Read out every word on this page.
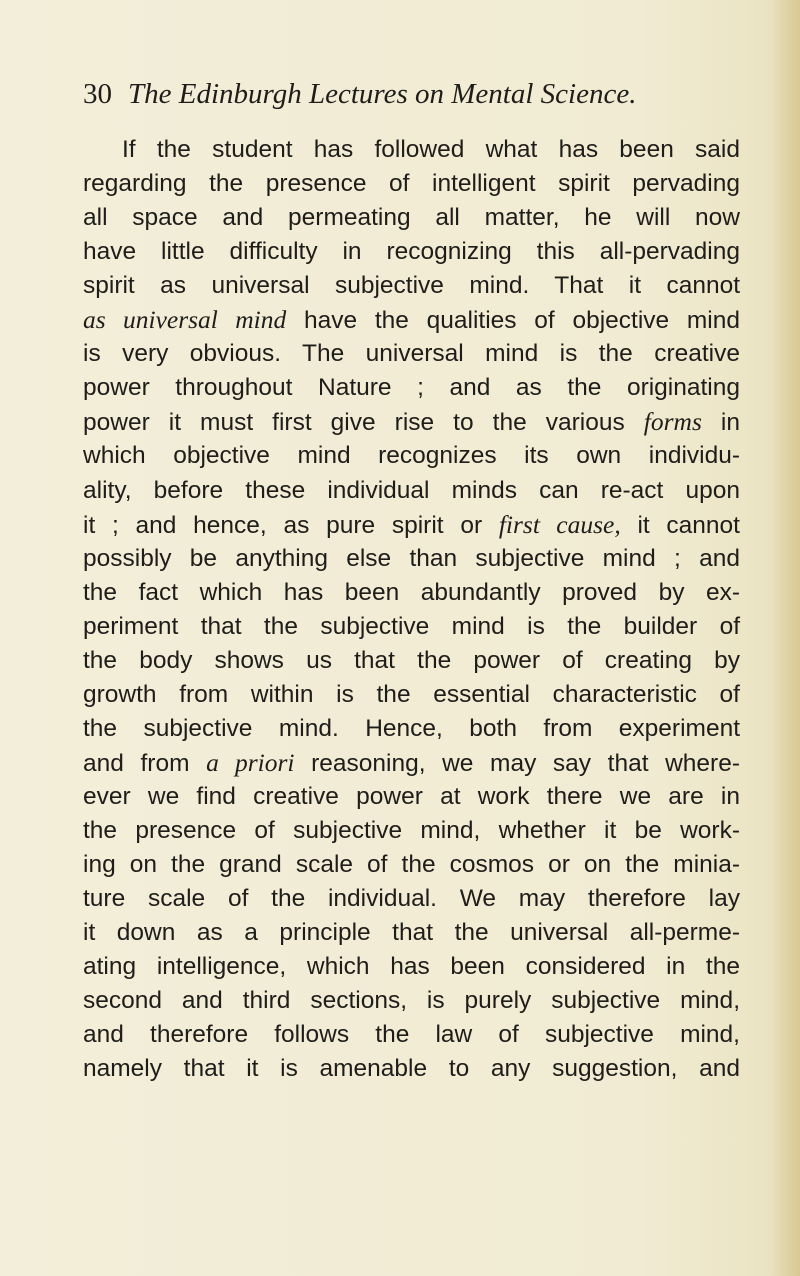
30 The Edinburgh Lectures on Mental Science.
If the student has followed what has been said
regarding the presence of intelligent spirit pervading
all space and permeating all matter, he will now
have little difficulty in recognizing this all-pervading
spirit as universal subjective mind. That it cannot
as universal mind have the qualities of objective mind
is very obvious. The universal mind is the creative
power throughout Nature ; and as the originating
power it must first give rise to the various forms in
which objective mind recognizes its own individu-
ality, before these individual minds can re-act upon
it ; and hence, as pure spirit or first cause, it cannot
possibly be anything else than subjective mind ; and
the fact which has been abundantly proved by ex-
periment that the subjective mind is the builder of
the body shows us that the power of creating by
growth from within is the essential characteristic of
the subjective mind. Hence, both from experiment
and from a priori reasoning, we may say that where-
ever we find creative power at work there we are in
the presence of subjective mind, whether it be work-
ing on the grand scale of the cosmos or on the minia-
ture scale of the individual. We may therefore lay
it down as a principle that the universal all-perme-
ating intelligence, which has been considered in the
second and third sections, is purely subjective mind,
and therefore follows the law of subjective mind,
namely that it is amenable to any suggestion, and
